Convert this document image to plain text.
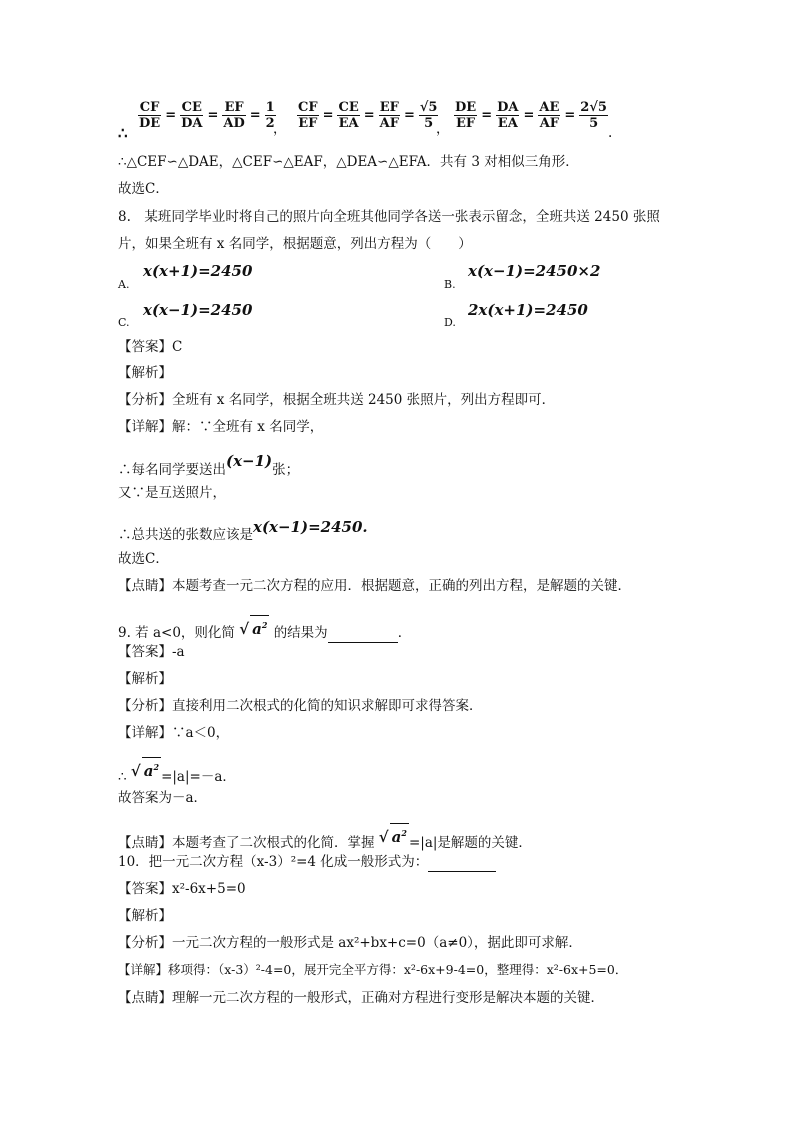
∴
$\frac{CF}{DE} = \frac{CE}{DA} = \frac{EF}{AD} = \frac{1}{2}$
， $\frac{CF}{EF} = \frac{CE}{EA} = \frac{EF}{AF} = \frac{√5}{5}$
， $\frac{DE}{EF} = \frac{DA}{EA} = \frac{AE}{AF} = \frac{2√5}{5}$
.
∴△CEF∽△DAE，△CEF∽△EAF，△DEA∽△EFA．共有 3 对相似三角形．
故选C．
8.　某班同学毕业时将自己的照片向全班其他同学各送一张表示留念，全班共送 2450 张照
片，如果全班有 x 名同学，根据题意，列出方程为（　　）
A.
x(x+1)=2450
B.
x(x−1)=2450×2
C.
x(x−1)=2450
D.
2x(x+1)=2450
【答案】C
【解析】
【分析】全班有 x 名同学，根据全班共送 2450 张照片，列出方程即可．
【详解】解：∵全班有 x 名同学，
∴每名同学要送出(x−1)张；
又∵是互送照片，
∴总共送的张数应该是x(x−1)=2450.
故选C．
【点睛】本题考查一元二次方程的应用．根据题意，正确的列出方程，是解题的关键．
9. 若 a<0，则化简 √ $a^2$ 的结果为	．
【答案】-a
【解析】
【分析】直接利用二次根式的化简的知识求解即可求得答案．
【详解】∵a＜0，
∴ √ $a^2=|a|=-a$．
故答案为－a．
【点睛】本题考查了二次根式的化简．掌握 √ $a^2=|a|$是解题的关键．
10．把一元二次方程（x-3）²=4 化成一般形式为：
【答案】x²-6x+5=0
【解析】
【分析】一元二次方程的一般形式是 ax²+bx+c=0（a≠0），据此即可求解．
【详解】移项得：（x-3）²-4=0，展开完全平方得：x²-6x+9-4=0，整理得：x²-6x+5=0．
【点睛】理解一元二次方程的一般形式，正确对方程进行变形是解决本题的关键．
